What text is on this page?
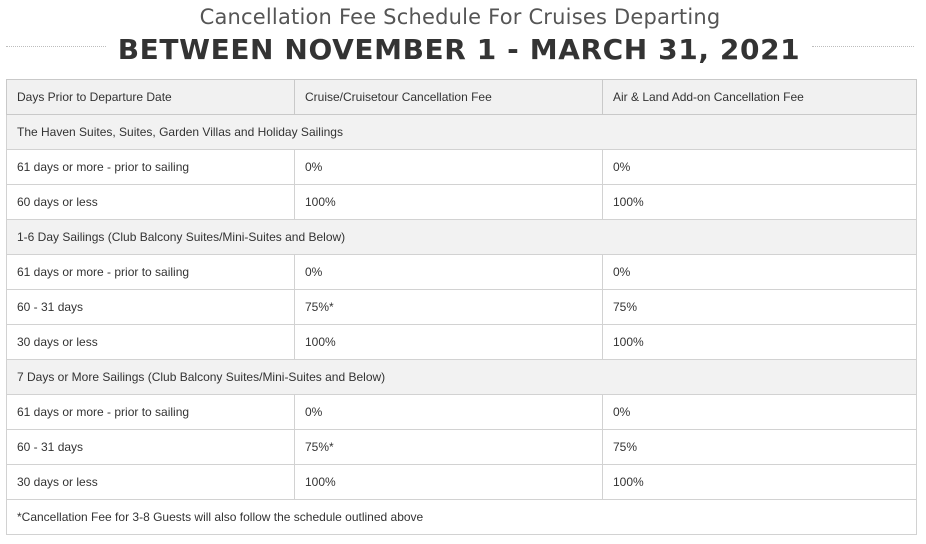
Cancellation Fee Schedule For Cruises Departing
BETWEEN NOVEMBER 1 - MARCH 31, 2021
Days Prior to Departure Date	Cruise/Cruisetour Cancellation Fee	Air & Land Add-on Cancellation Fee
The Haven Suites, Suites, Garden Villas and Holiday Sailings		
61 days or more - prior to sailing	0%	0%
60 days or less	100%	100%
1-6 Day Sailings (Club Balcony Suites/Mini-Suites and Below)		
61 days or more - prior to sailing	0%	0%
60 - 31 days	75%*	75%
30 days or less	100%	100%
7 Days or More Sailings (Club Balcony Suites/Mini-Suites and Below)		
61 days or more - prior to sailing	0%	0%
60 - 31 days	75%*	75%
30 days or less	100%	100%
*Cancellation Fee for 3-8 Guests will also follow the schedule outlined above		
